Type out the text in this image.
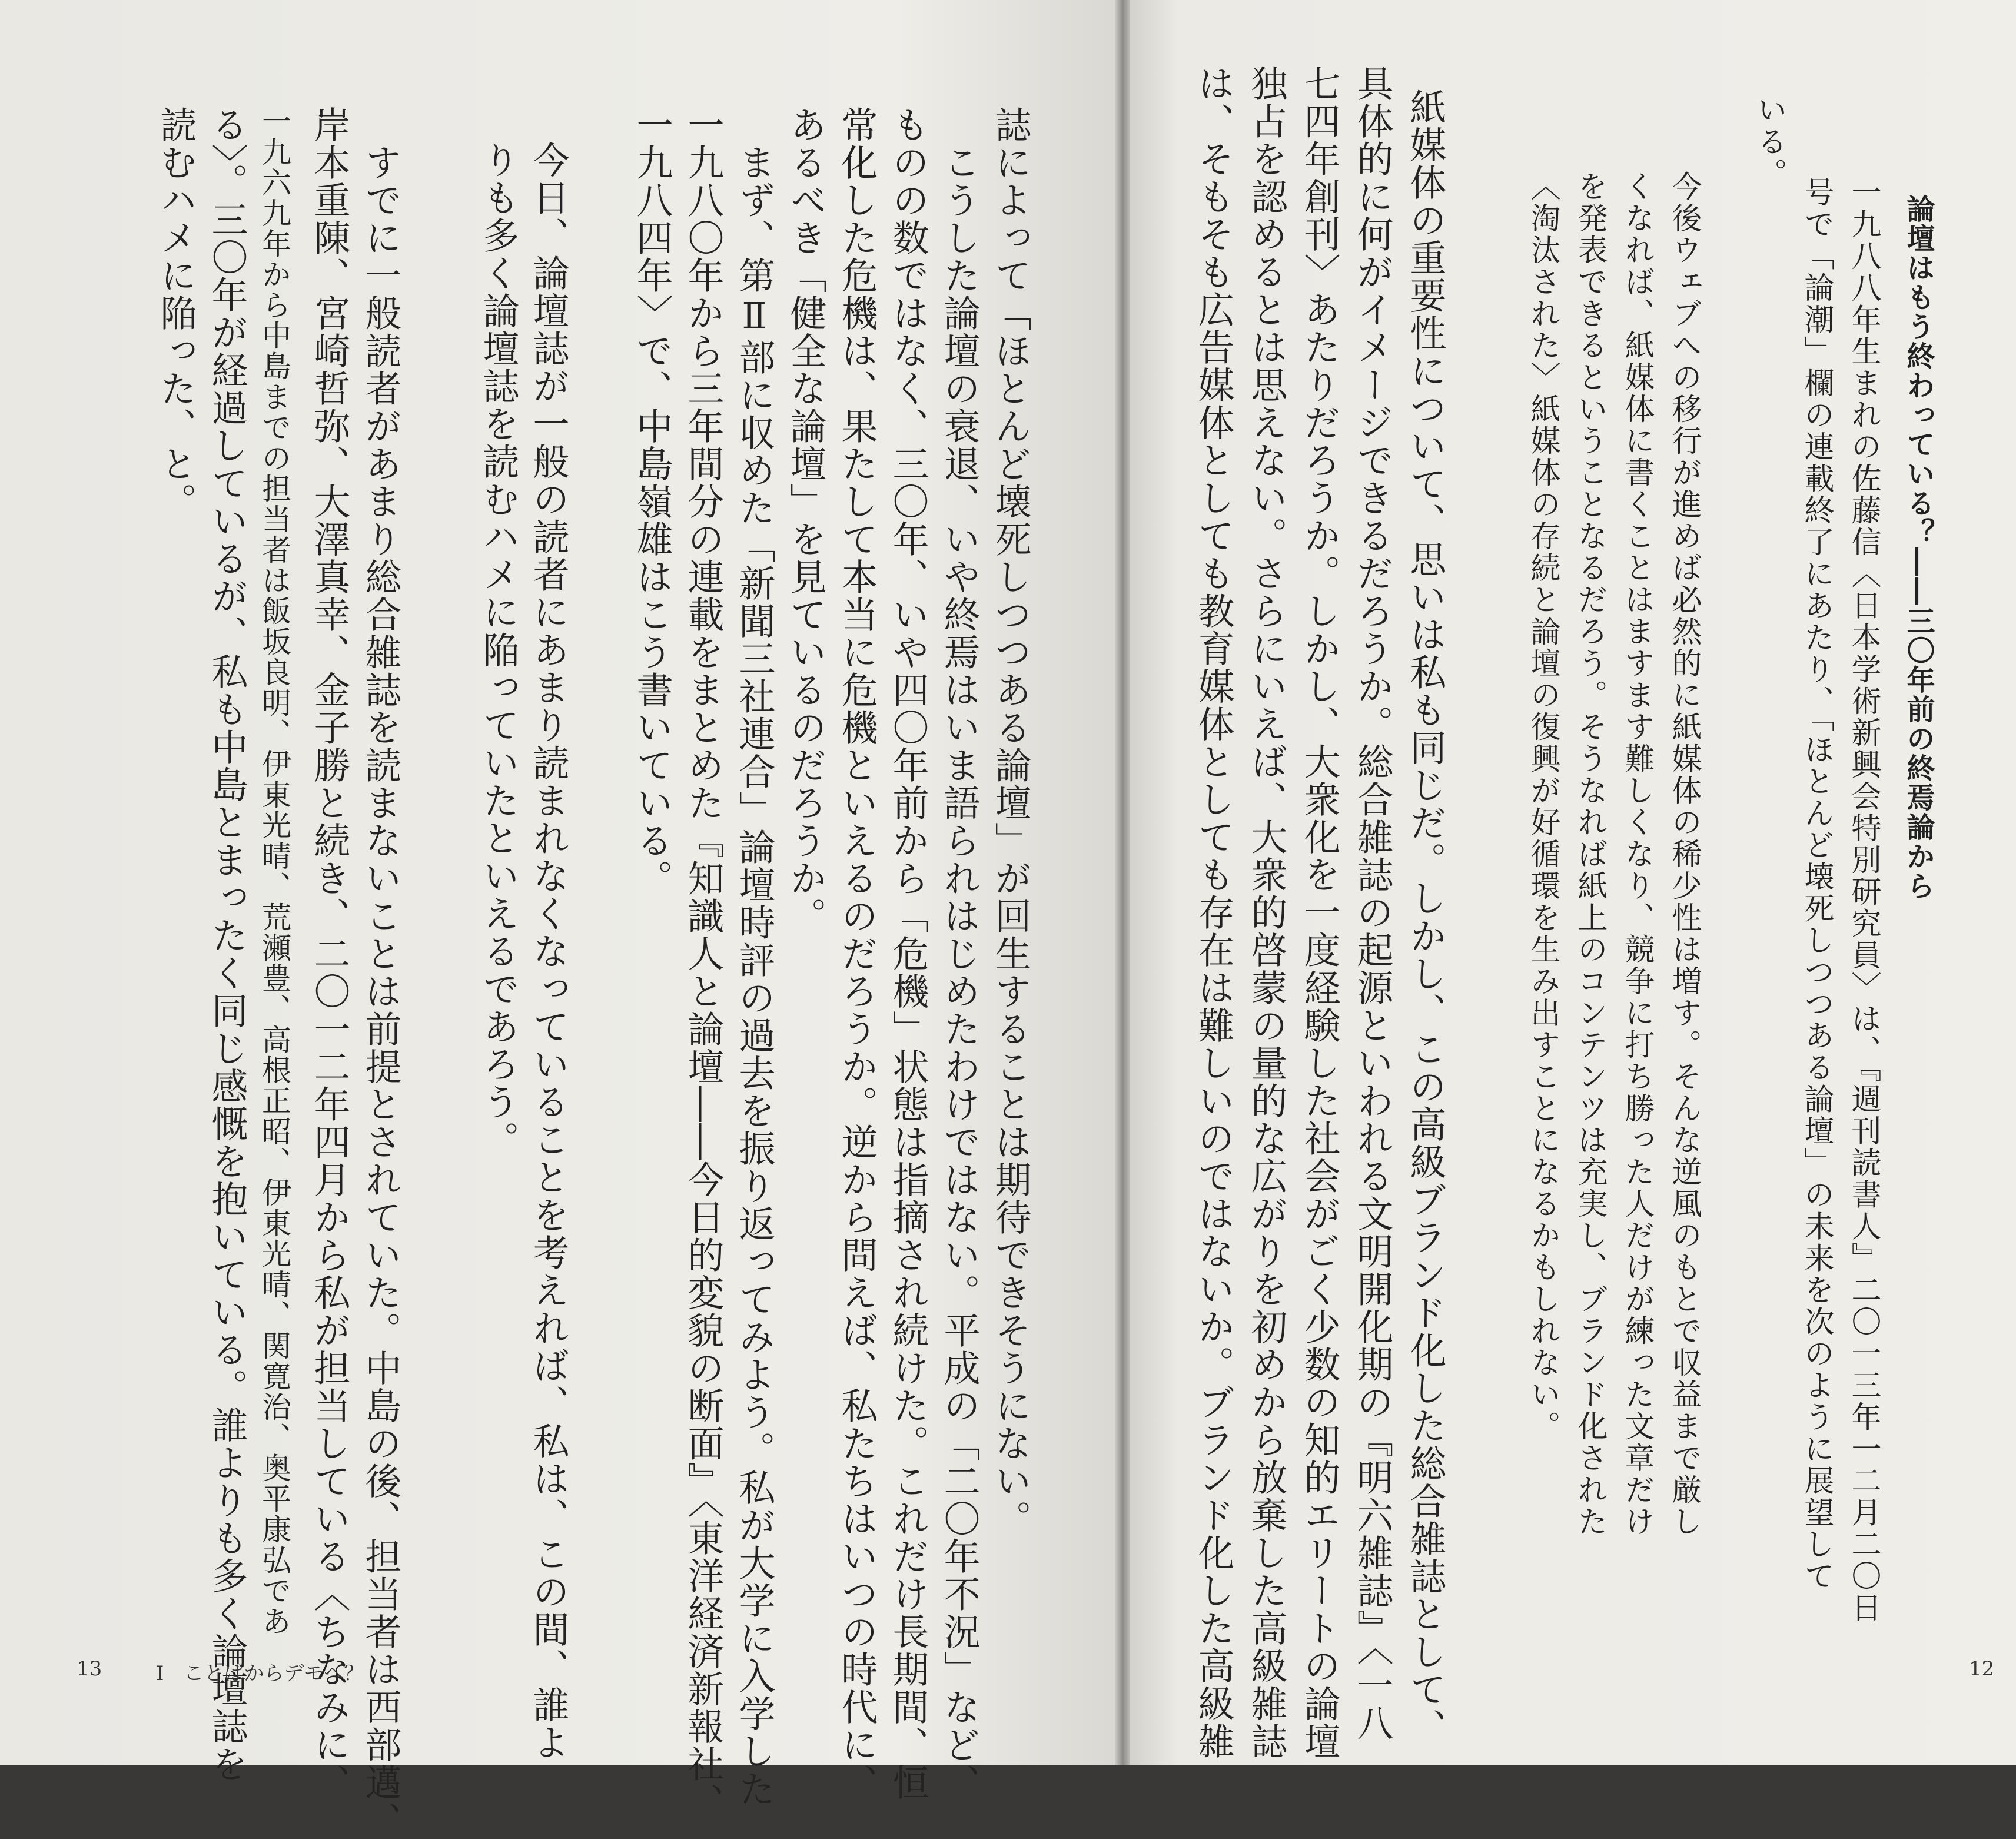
論壇はもう終わっている？――三〇年前の終焉論から
一九八八年生まれの佐藤信〈日本学術新興会特別研究員〉は、『週刊読書人』二〇一三年一二月二〇日
号で「論潮」欄の連載終了にあたり、「ほとんど壊死しつつある論壇」の未来を次のように展望して
いる。
今後ウェブへの移行が進めば必然的に紙媒体の稀少性は増す。そんな逆風のもとで収益まで厳し
くなれば、紙媒体に書くことはますます難しくなり、競争に打ち勝った人だけが練った文章だけ
を発表できるということなるだろう。そうなれば紙上のコンテンツは充実し、ブランド化された
〈淘汰された〉紙媒体の存続と論壇の復興が好循環を生み出すことになるかもしれない。
紙媒体の重要性について、思いは私も同じだ。しかし、この高級ブランド化した総合雑誌として、
具体的に何がイメージできるだろうか。総合雑誌の起源といわれる文明開化期の『明六雑誌』〈一八
七四年創刊〉あたりだろうか。しかし、大衆化を一度経験した社会がごく少数の知的エリートの論壇
独占を認めるとは思えない。さらにいえば、大衆的啓蒙の量的な広がりを初めから放棄した高級雑誌
は、そもそも広告媒体としても教育媒体としても存在は難しいのではないか。ブランド化した高級雑	12
誌によって「ほとんど壊死しつつある論壇」が回生することは期待できそうにない。
　こうした論壇の衰退、いや終焉はいま語られはじめたわけではない。平成の「二〇年不況」など、
ものの数ではなく、三〇年、いや四〇年前から「危機」状態は指摘され続けた。これだけ長期間、恒
常化した危機は、果たして本当に危機といえるのだろうか。逆から問えば、私たちはいつの時代に、
あるべき「健全な論壇」を見ているのだろうか。
　まず、第Ⅱ部に収めた「新聞三社連合」論壇時評の過去を振り返ってみよう。私が大学に入学した
一九八〇年から三年間分の連載をまとめた『知識人と論壇――今日的変貌の断面』〈東洋経済新報社、
一九八四年〉で、中島嶺雄はこう書いている。
今日、論壇誌が一般の読者にあまり読まれなくなっていることを考えれば、私は、この間、誰よ
りも多く論壇誌を読むハメに陥っていたといえるであろう。
　すでに一般読者があまり総合雑誌を読まないことは前提とされていた。中島の後、担当者は西部邁、
岸本重陳、宮崎哲弥、大澤真幸、金子勝と続き、二〇一二年四月から私が担当している〈ちなみに、
一九六九年から中島までの担当者は飯坂良明、伊東光晴、荒瀬豊、高根正昭、伊東光晴、関寛治、奥平康弘であ
る〉。三〇年が経過しているが、私も中島とまったく同じ感慨を抱いている。誰よりも多く論壇誌を
読むハメに陥った、と。
13	Ⅰ　ことばからデモへ？
